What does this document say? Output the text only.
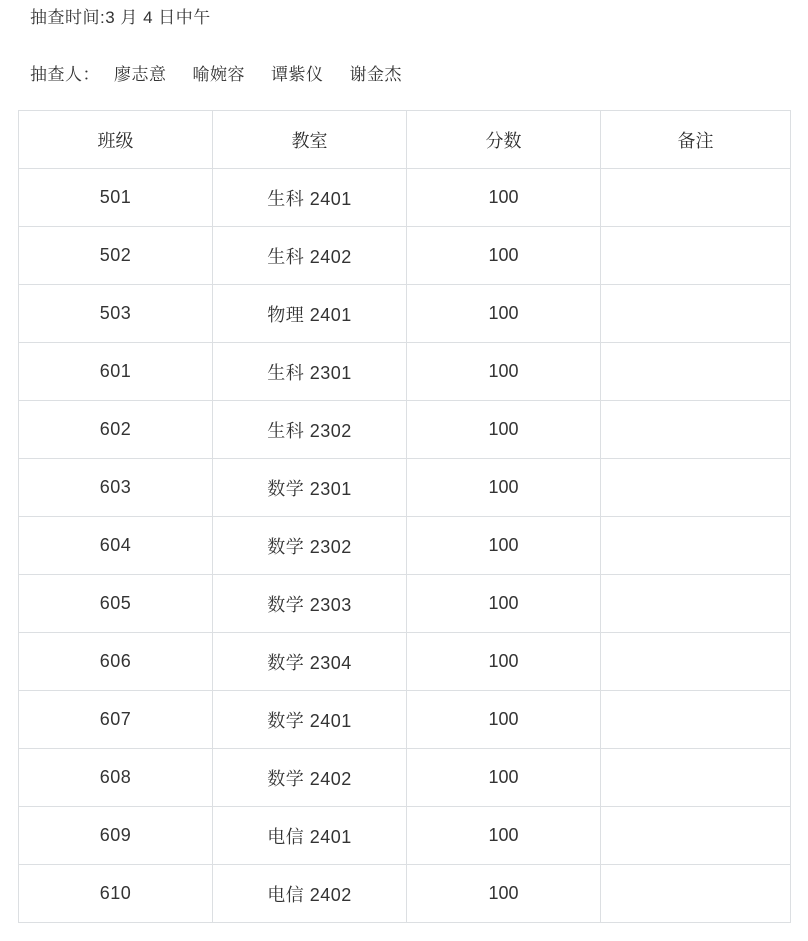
抽查时间:3 月 4 日中午
抽查人： 廖志意 喻婉容 谭紫仪 谢金杰
班级	教室	分数	备注
501	生科 2401	100	
502	生科 2402	100	
503	物理 2401	100	
601	生科 2301	100	
602	生科 2302	100	
603	数学 2301	100	
604	数学 2302	100	
605	数学 2303	100	
606	数学 2304	100	
607	数学 2401	100	
608	数学 2402	100	
609	电信 2401	100	
610	电信 2402	100	
